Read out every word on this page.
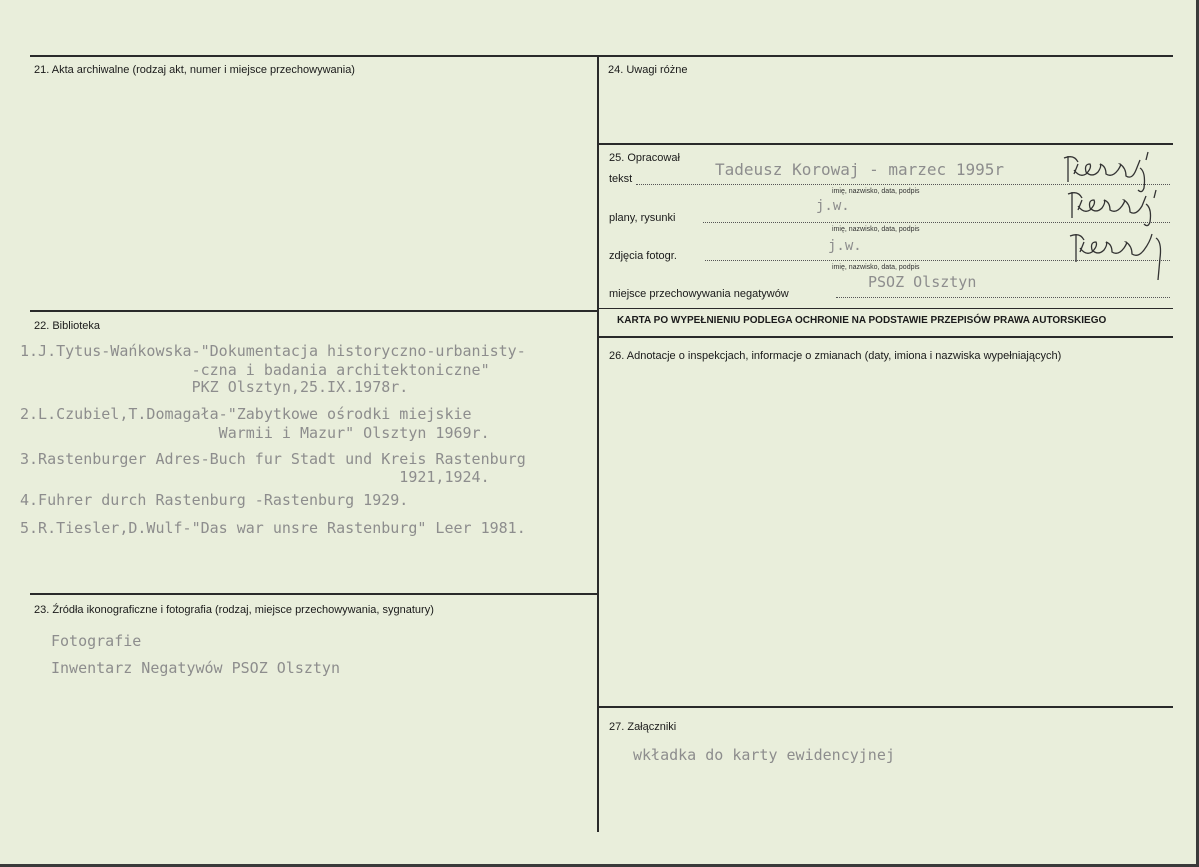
21. Akta archiwalne (rodzaj akt, numer i miejsce przechowywania)
22. Biblioteka
1.J.Tytus-Wańkowska-"Dokumentacja historyczno-urbanisty-
-czna i badania architektoniczne"
PKZ Olsztyn,25.IX.1978r.
2.L.Czubiel,T.Domagała-"Zabytkowe ośrodki miejskie
Warmii i Mazur" Olsztyn 1969r.
3.Rastenburger Adres-Buch fur Stadt und Kreis Rastenburg
1921,1924.
4.Fuhrer durch Rastenburg -Rastenburg 1929.
5.R.Tiesler,D.Wulf-"Das war unsre Rastenburg" Leer 1981.
23. Źródła ikonograficzne i fotografia (rodzaj, miejsce przechowywania, sygnatury)
Fotografie
Inwentarz Negatywów PSOZ Olsztyn
24. Uwagi różne
25. Opracował
tekst	Tadeusz Korowaj - marzec 1995r
imię, nazwisko, data, podpis
plany, rysunki
j.w.
imię, nazwisko, data, podpis
zdjęcia fotogr.
j.w.
imię, nazwisko, data, podpis
miejsce przechowywania negatywów
PSOZ Olsztyn
KARTA PO WYPEŁNIENIU PODLEGA OCHRONIE NA PODSTAWIE PRZEPISÓW PRAWA AUTORSKIEGO
26. Adnotacje o inspekcjach, informacje o zmianach (daty, imiona i nazwiska wypełniających)
27. Załączniki
wkładka do karty ewidencyjnej
